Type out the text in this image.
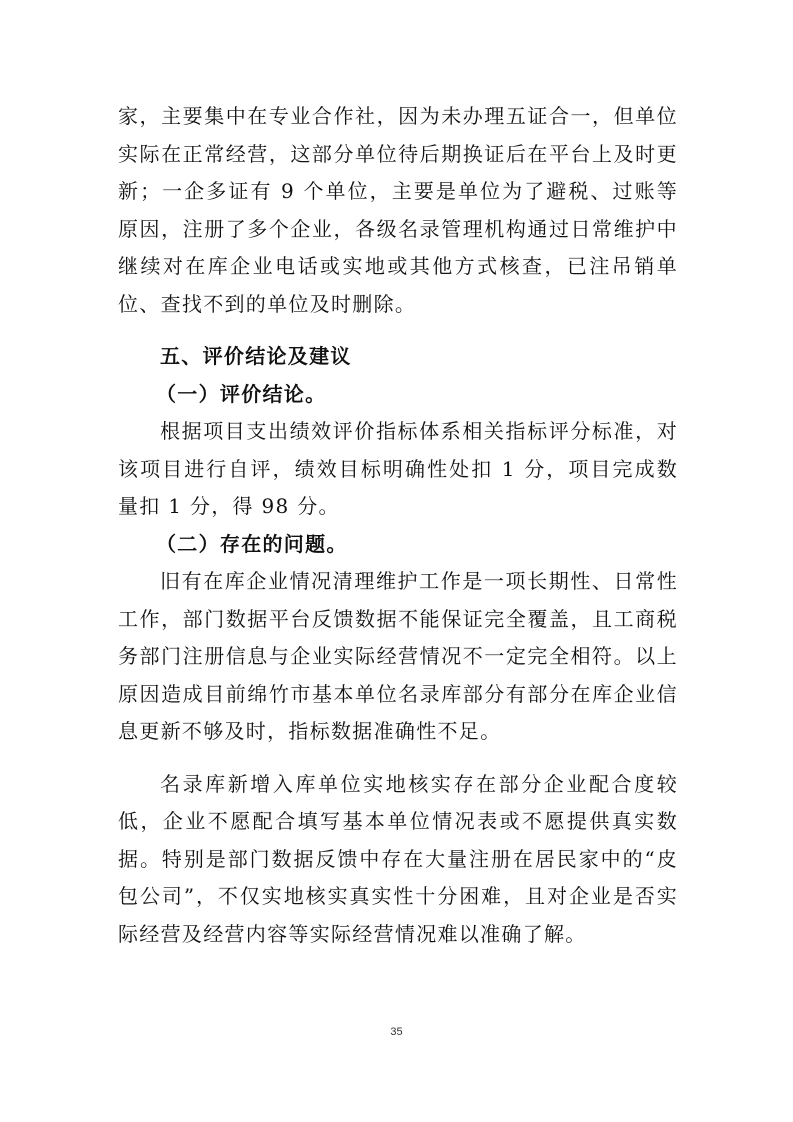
家，主要集中在专业合作社，因为未办理五证合一，但单位实际在正常经营，这部分单位待后期换证后在平台上及时更新；一企多证有 9 个单位，主要是单位为了避税、过账等原因，注册了多个企业，各级名录管理机构通过日常维护中继续对在库企业电话或实地或其他方式核查，已注吊销单位、查找不到的单位及时删除。

五、评价结论及建议

（一）评价结论。

根据项目支出绩效评价指标体系相关指标评分标准，对该项目进行自评，绩效目标明确性处扣 1 分，项目完成数量扣 1 分，得 98 分。

（二）存在的问题。

旧有在库企业情况清理维护工作是一项长期性、日常性工作，部门数据平台反馈数据不能保证完全覆盖，且工商税务部门注册信息与企业实际经营情况不一定完全相符。以上原因造成目前绵竹市基本单位名录库部分有部分在库企业信息更新不够及时，指标数据准确性不足。

名录库新增入库单位实地核实存在部分企业配合度较低，企业不愿配合填写基本单位情况表或不愿提供真实数据。特别是部门数据反馈中存在大量注册在居民家中的“皮包公司”，不仅实地核实真实性十分困难，且对企业是否实际经营及经营内容等实际经营情况难以准确了解。

35
